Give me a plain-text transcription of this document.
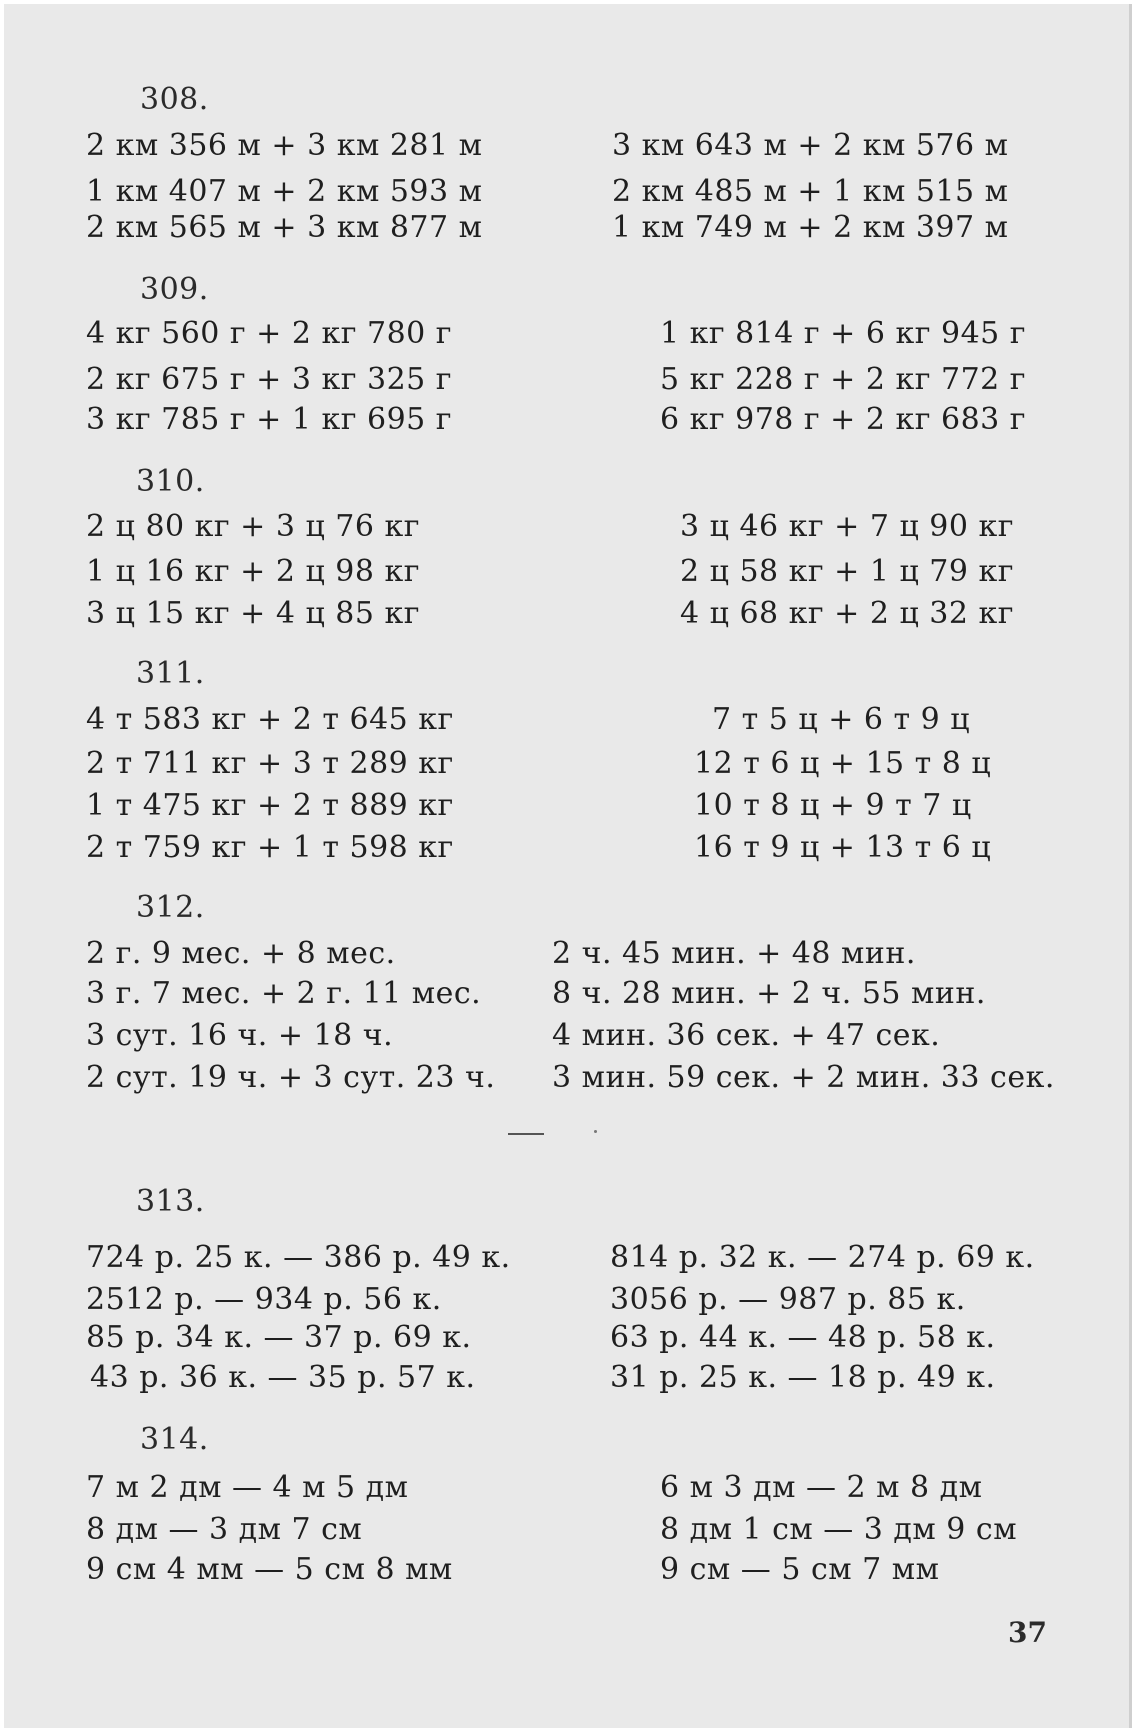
308.
2 км 356 м + 3 км 281 м
1 км 407 м + 2 км 593 м
2 км 565 м + 3 км 877 м
3 км 643 м + 2 км 576 м
2 км 485 м + 1 км 515 м
1 км 749 м + 2 км 397 м
309.
4 кг 560 г + 2 кг 780 г
2 кг 675 г + 3 кг 325 г
3 кг 785 г + 1 кг 695 г
1 кг 814 г + 6 кг 945 г
5 кг 228 г + 2 кг 772 г
6 кг 978 г + 2 кг 683 г
310.
2 ц 80 кг + 3 ц 76 кг
1 ц 16 кг + 2 ц 98 кг
3 ц 15 кг + 4 ц 85 кг
3 ц 46 кг + 7 ц 90 кг
2 ц 58 кг + 1 ц 79 кг
4 ц 68 кг + 2 ц 32 кг
311.
4 т 583 кг + 2 т 645 кг
2 т 711 кг + 3 т 289 кг
1 т 475 кг + 2 т 889 кг
2 т 759 кг + 1 т 598 кг
7 т 5 ц + 6 т 9 ц
12 т 6 ц + 15 т 8 ц
10 т 8 ц + 9 т 7 ц
16 т 9 ц + 13 т 6 ц
312.
2 г. 9 мес. + 8 мес.
3 г. 7 мес. + 2 г. 11 мес.
3 сут. 16 ч. + 18 ч.
2 сут. 19 ч. + 3 сут. 23 ч.
2 ч. 45 мин. + 48 мин.
8 ч. 28 мин. + 2 ч. 55 мин.
4 мин. 36 сек. + 47 сек.
3 мин. 59 сек. + 2 мин. 33 сек.
313.
724 р. 25 к. — 386 р. 49 к.
2512 р. — 934 р. 56 к.
85 р. 34 к. — 37 р. 69 к.
43 р. 36 к. — 35 р. 57 к.
814 р. 32 к. — 274 р. 69 к.
3056 р. — 987 р. 85 к.
63 р. 44 к. — 48 р. 58 к.
31 р. 25 к. — 18 р. 49 к.
314.
7 м 2 дм — 4 м 5 дм
8 дм — 3 дм 7 см
9 см 4 мм — 5 см 8 мм
6 м 3 дм — 2 м 8 дм
8 дм 1 см — 3 дм 9 см
9 см — 5 см 7 мм
37
